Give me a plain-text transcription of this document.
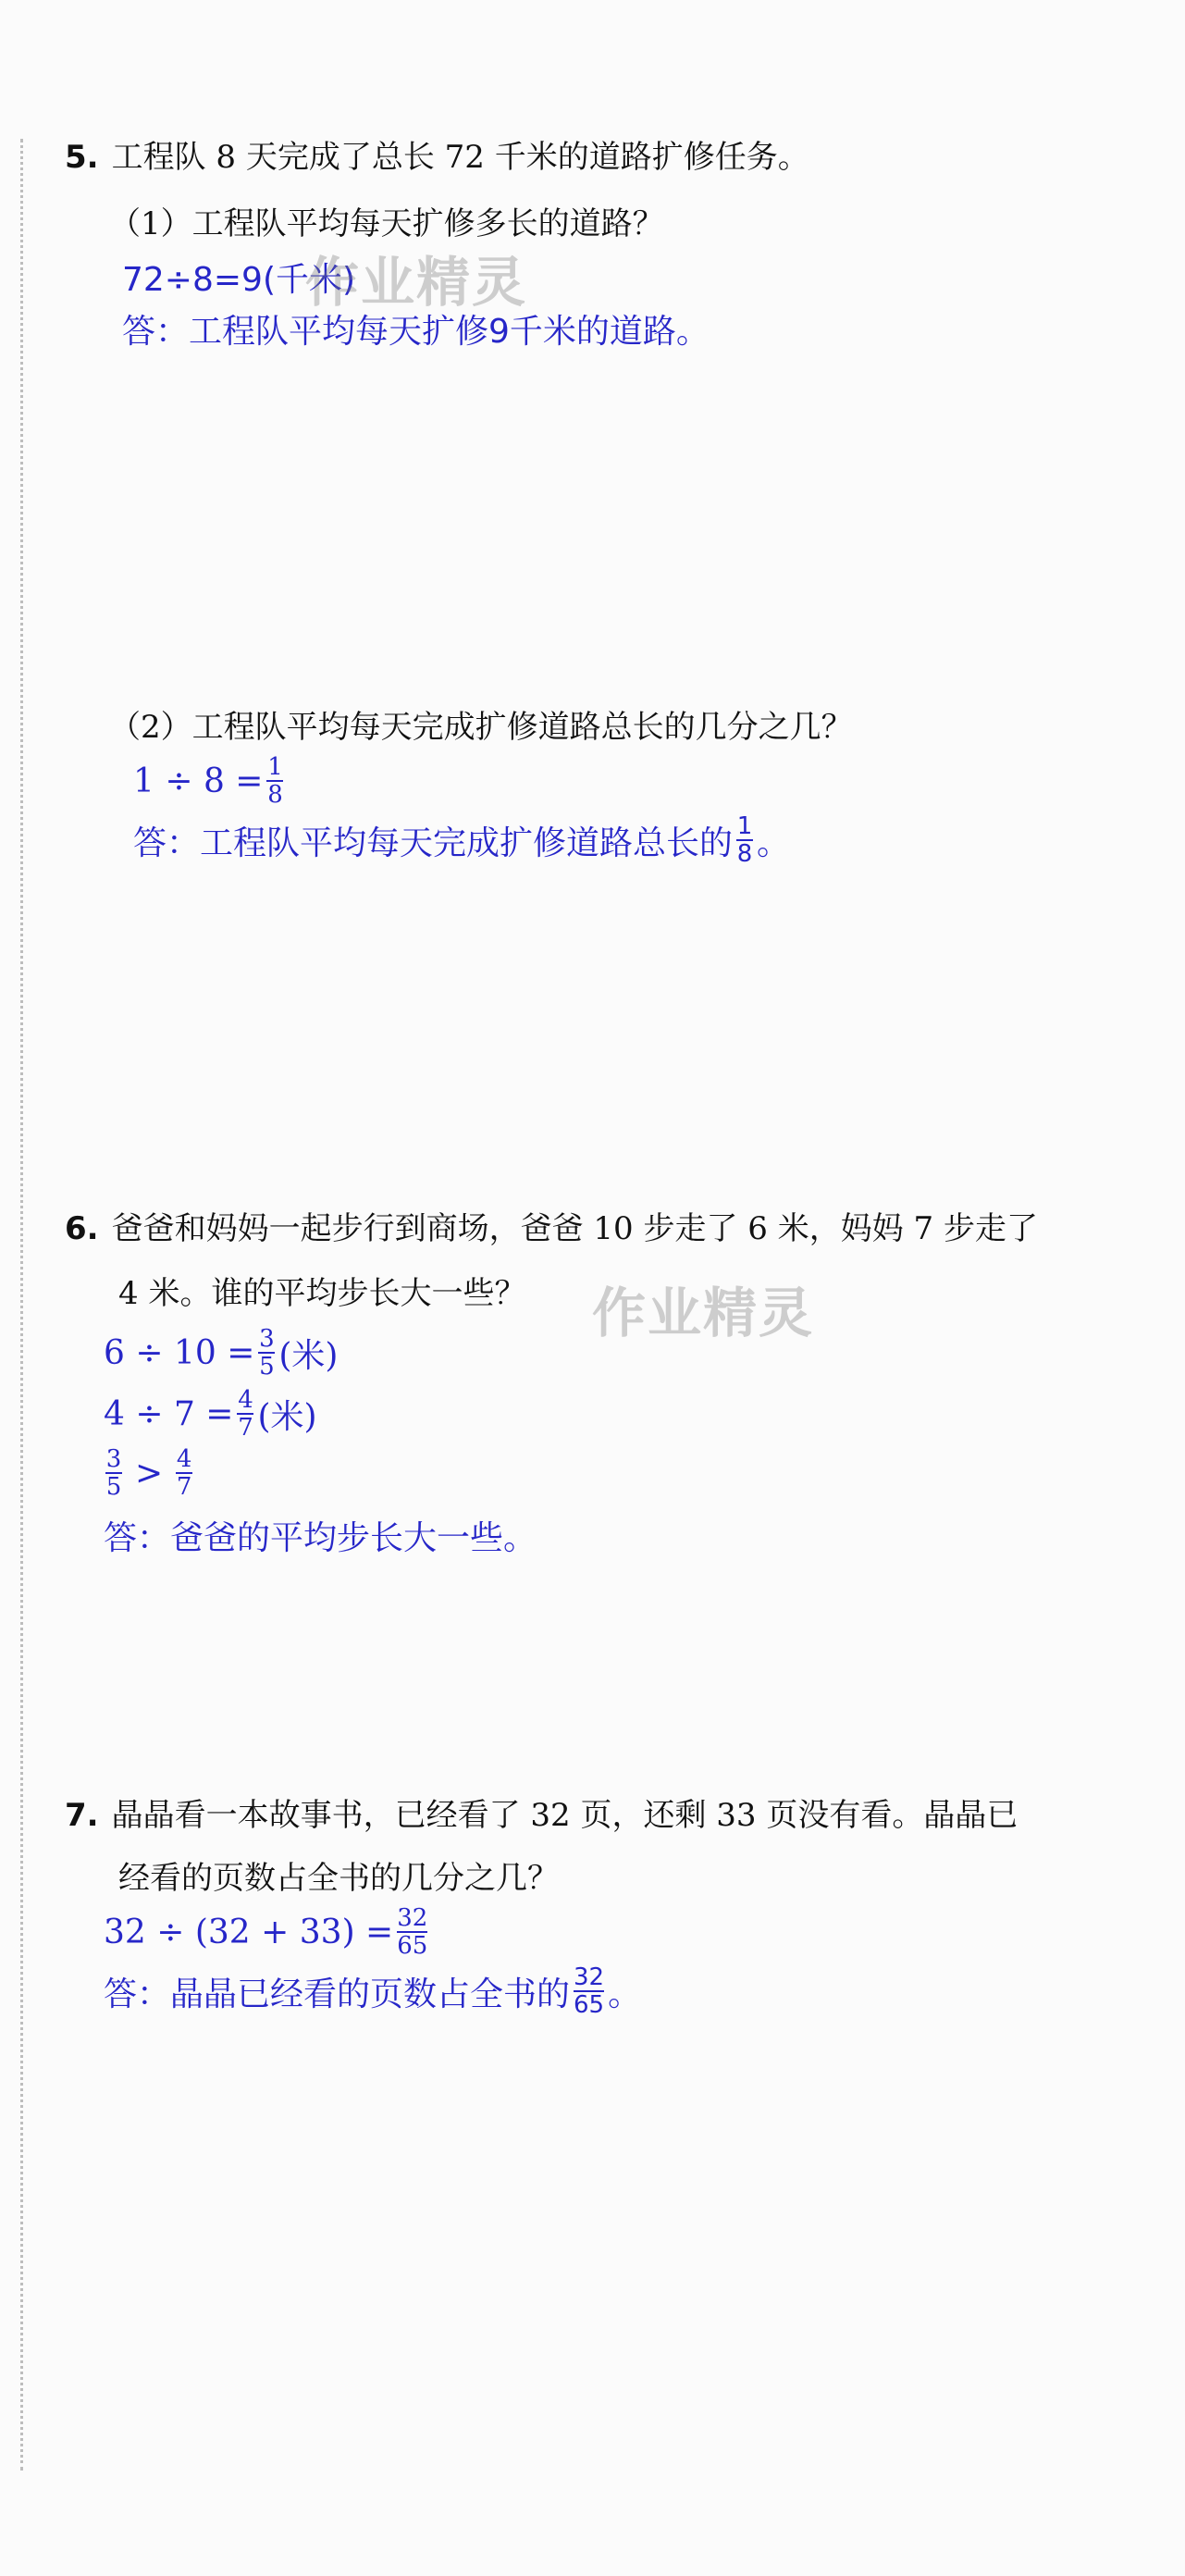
5. 工程队 8 天完成了总长 72 千米的道路扩修任务。
（1）工程队平均每天扩修多长的道路？
72÷8=9(千米)
答：工程队平均每天扩修9千米的道路。
作业精灵
（2）工程队平均每天完成扩修道路总长的几分之几？
$1 \div 8 = \frac{1}{8}$
答：工程队平均每天完成扩修道路总长的 $\frac{1}{8}$ 。
6. 爸爸和妈妈一起步行到商场，爸爸 10 步走了 6 米，妈妈 7 步走了
4 米。谁的平均步长大一些？ 作业精灵
$6 \div 10 = \frac{3}{5}$ (米)
$4 \div 7 = \frac{4}{7}$ (米)
$\frac{3}{5} > \frac{4}{7}$
答：爸爸的平均步长大一些。
7. 晶晶看一本故事书，已经看了 32 页，还剩 33 页没有看。晶晶已
经看的页数占全书的几分之几？
$32 \div (32 + 33) = \frac{32}{65}$
答：晶晶已经看的页数占全书的 $\frac{32}{65}$ 。
